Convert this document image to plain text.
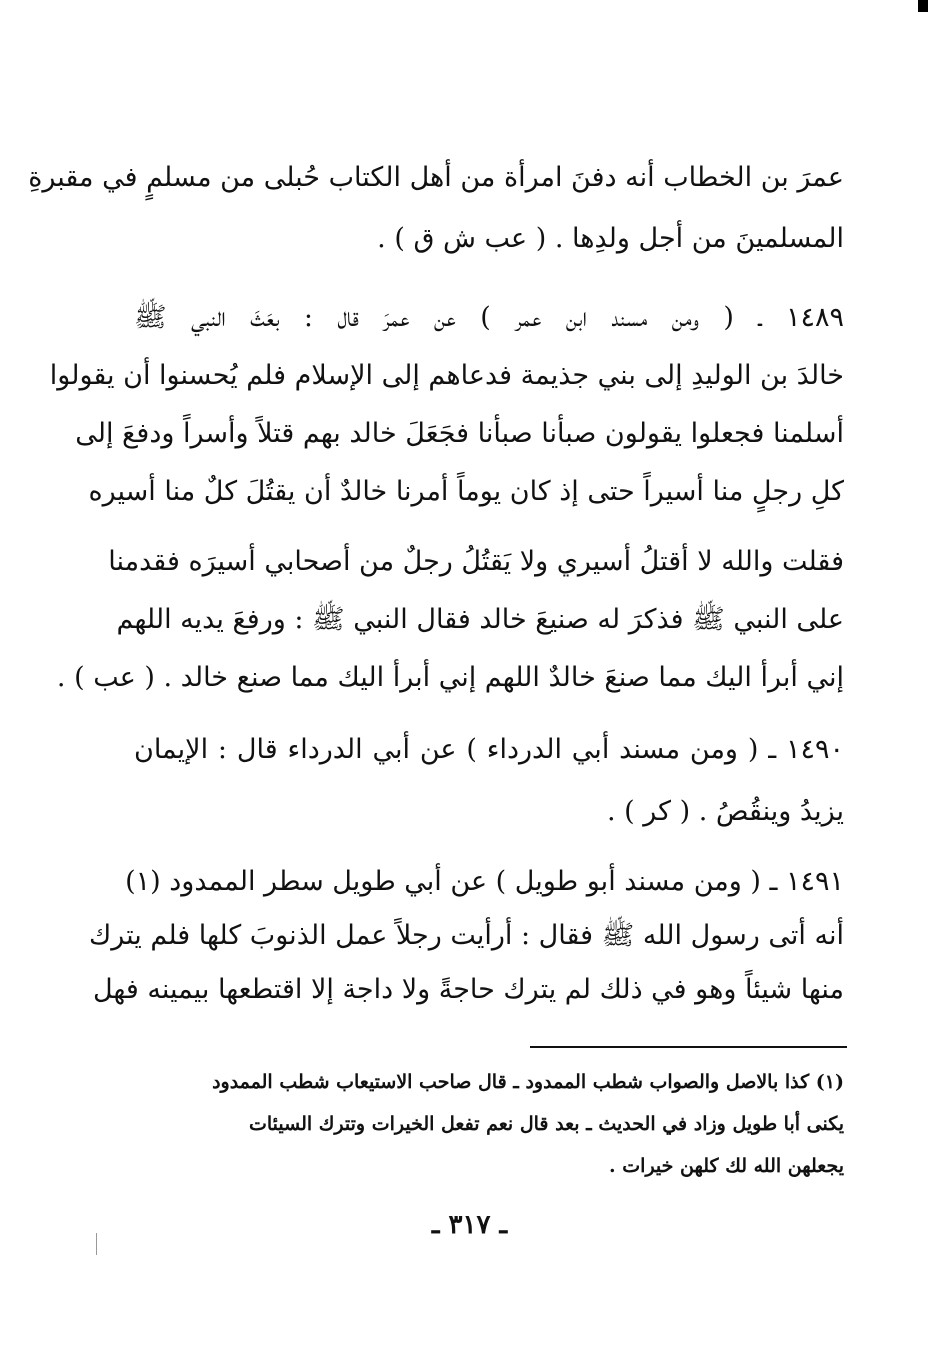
عمرَ بن الخطاب أنه دفنَ امرأة من أهل الكتاب حُبلى من مسلمٍ في مقبرةِ
المسلمينَ من أجل ولدِها . ( عب ش ق ) .
١٤٨٩ ـ ( ومن مسند ابن عمر ) عن عمرَ قال : بعَثَ النبي ﷺ
خالدَ بن الوليدِ إلى بني جذيمة فدعاهم إلى الإسلام فلم يُحسنوا أن يقولوا
أسلمنا فجعلوا يقولون صبأنا صبأنا فجَعَلَ خالد بهم قتلاً وأسراً ودفعَ إلى
كلِ رجلٍ منا أسيراً حتى إذ كان يوماً أمرنا خالدٌ أن يقتُلَ كلٌ منا أسيره
فقلت والله لا أقتلُ أسيري ولا يَقتُلُ رجلٌ من أصحابي أسيرَه فقدمنا
على النبي ﷺ فذكرَ له صنيعَ خالد فقال النبي ﷺ : ورفعَ يديه اللهم
إني أبرأ اليك مما صنعَ خالدٌ اللهم إني أبرأ اليك مما صنع خالد . ( عب ) .
١٤٩٠ ـ ( ومن مسند أبي الدرداء ) عن أبي الدرداء قال : الإيمان
يزيدُ وينقُصُ . ( كر ) .
١٤٩١ ـ ( ومن مسند أبو طويل ) عن أبي طويل سطر الممدود (١)
أنه أتى رسول الله ﷺ فقال : أرأيت رجلاً عمل الذنوبَ كلها فلم يترك
منها شيئاً وهو في ذلك لم يترك حاجةً ولا داجة إلا اقتطعها بيمينه فهل
(١) كذا بالاصل والصواب شطب الممدود ـ قال صاحب الاستيعاب شطب الممدود
يكنى أبا طويل وزاد في الحديث ـ بعد قال نعم تفعل الخيرات وتترك السيئات
يجعلهن الله لك كلهن خيرات .
ـ ٣١٧ ـ
